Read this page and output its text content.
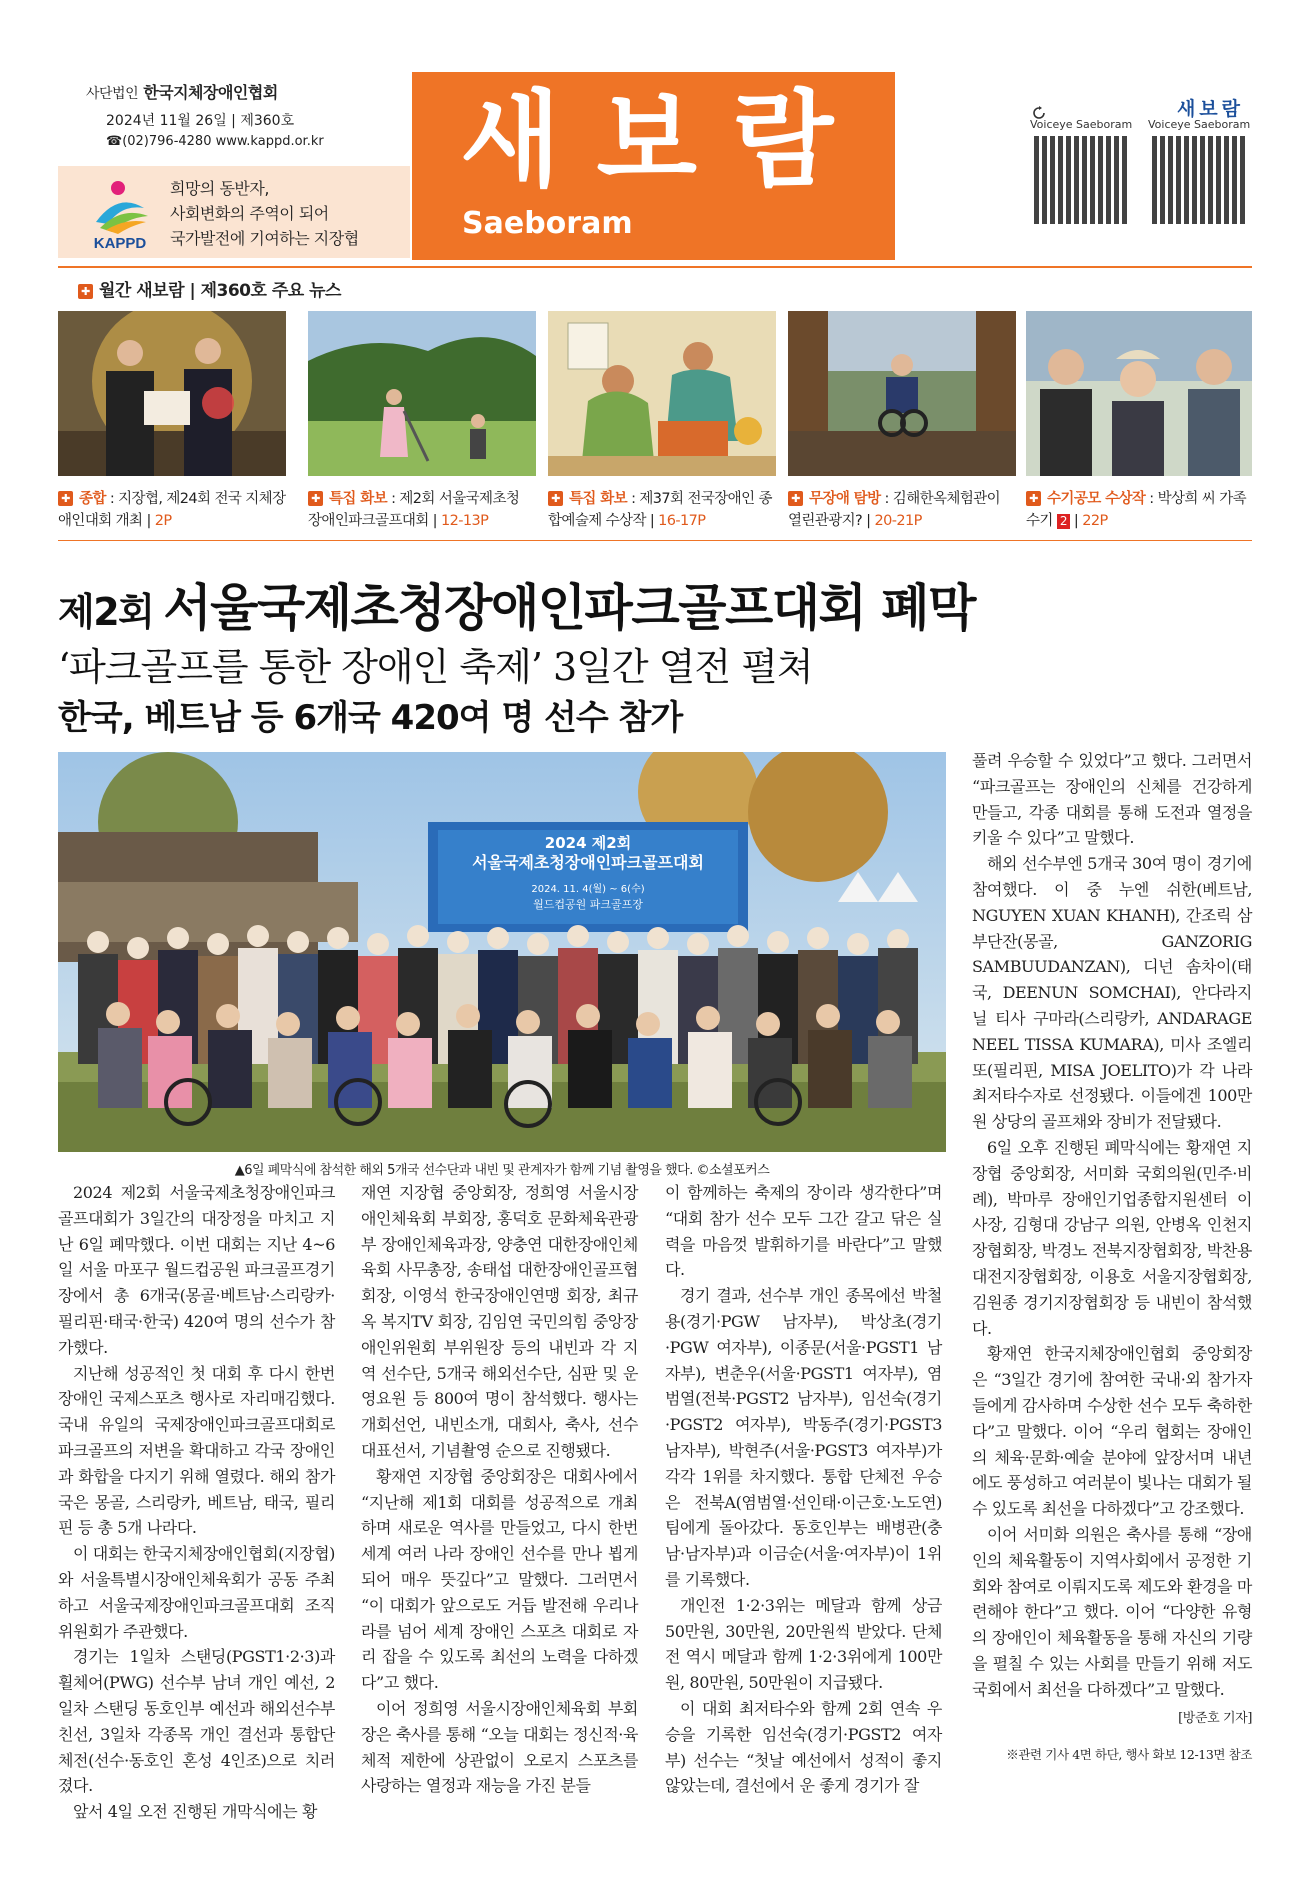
사단법인 한국지체장애인협회
2024년 11월 26일 | 제360호
☎(02)796-4280 www.kappd.or.kr
KAPPD
희망의 동반자,
사회변화의 주역이 되어
국가발전에 기여하는 지장협
새보람
Saeboram
새보람
Voiceye Saeboram Voiceye Saeboram
✚ 월간 새보람 | 제360호 주요 뉴스
✚ 종합 : 지장협, 제24회 전국 지체장애인대회 개최 | 2P
✚ 특집 화보 : 제2회 서울국제초청 장애인파크골프대회 | 12-13P
✚ 특집 화보 : 제37회 전국장애인 종합예술제 수상작 | 16-17P
✚ 무장애 탐방 : 김해한옥체험관이 열린관광지? | 20-21P
✚ 수기공모 수상작 : 박상희 씨 가족 수기 2 | 22P
제2회 서울국제초청장애인파크골프대회 폐막
‘파크골프를 통한 장애인 축제’ 3일간 열전 펼쳐
한국, 베트남 등 6개국 420여 명 선수 참가
2024 제2회
서울국제초청장애인파크골프대회
2024. 11. 4(월) ~ 6(수)
월드컵공원 파크골프장
▲6일 폐막식에 참석한 해외 5개국 선수단과 내빈 및 관계자가 함께 기념 촬영을 했다. ©소셜포커스

2024 제2회 서울국제초청장애인파크골프대회가 3일간의 대장정을 마치고 지난 6일 폐막했다. 이번 대회는 지난 4~6일 서울 마포구 월드컵공원 파크골프경기장에서 총 6개국(몽골·베트남·스리랑카·필리핀·태국·한국) 420여 명의 선수가 참가했다.

지난해 성공적인 첫 대회 후 다시 한번 장애인 국제스포츠 행사로 자리매김했다. 국내 유일의 국제장애인파크골프대회로 파크골프의 저변을 확대하고 각국 장애인과 화합을 다지기 위해 열렸다. 해외 참가국은 몽골, 스리랑카, 베트남, 태국, 필리핀 등 총 5개 나라다.

이 대회는 한국지체장애인협회(지장협)와 서울특별시장애인체육회가 공동 주최하고 서울국제장애인파크골프대회 조직위원회가 주관했다.

경기는 1일차 스탠딩(PGST1·2·3)과 휠체어(PWG) 선수부 남녀 개인 예선, 2일차 스탠딩 동호인부 예선과 해외선수부 친선, 3일차 각종목 개인 결선과 통합단체전(선수·동호인 혼성 4인조)으로 치러졌다.

앞서 4일 오전 진행된 개막식에는 황

재연 지장협 중앙회장, 정희영 서울시장애인체육회 부회장, 홍덕호 문화체육관광부 장애인체육과장, 양충연 대한장애인체육회 사무총장, 송태섭 대한장애인골프협회장, 이영석 한국장애인연맹 회장, 최규옥 복지TV 회장, 김임연 국민의힘 중앙장애인위원회 부위원장 등의 내빈과 각 지역 선수단, 5개국 해외선수단, 심판 및 운영요원 등 800여 명이 참석했다. 행사는 개회선언, 내빈소개, 대회사, 축사, 선수 대표선서, 기념촬영 순으로 진행됐다.

황재연 지장협 중앙회장은 대회사에서 “지난해 제1회 대회를 성공적으로 개최하며 새로운 역사를 만들었고, 다시 한번 세계 여러 나라 장애인 선수를 만나 뵙게 되어 매우 뜻깊다”고 말했다. 그러면서 “이 대회가 앞으로도 거듭 발전해 우리나라를 넘어 세계 장애인 스포츠 대회로 자리 잡을 수 있도록 최선의 노력을 다하겠다”고 했다.

이어 정희영 서울시장애인체육회 부회장은 축사를 통해 “오늘 대회는 정신적·육체적 제한에 상관없이 오로지 스포츠를 사랑하는 열정과 재능을 가진 분들

이 함께하는 축제의 장이라 생각한다”며 “대회 참가 선수 모두 그간 갈고 닦은 실력을 마음껏 발휘하기를 바란다”고 말했다.

경기 결과, 선수부 개인 종목에선 박철용(경기·PGW 남자부), 박상초(경기·PGW 여자부), 이종문(서울·PGST1 남자부), 변춘우(서울·PGST1 여자부), 염범열(전북·PGST2 남자부), 임선숙(경기·PGST2 여자부), 박동주(경기·PGST3 남자부), 박현주(서울·PGST3 여자부)가 각각 1위를 차지했다. 통합 단체전 우승은 전북A(염범열·선인태·이근호·노도연)팀에게 돌아갔다. 동호인부는 배병관(충남·남자부)과 이금순(서울·여자부)이 1위를 기록했다.

개인전 1·2·3위는 메달과 함께 상금 50만원, 30만원, 20만원씩 받았다. 단체전 역시 메달과 함께 1·2·3위에게 100만원, 80만원, 50만원이 지급됐다.

이 대회 최저타수와 함께 2회 연속 우승을 기록한 임선숙(경기·PGST2 여자부) 선수는 “첫날 예선에서 성적이 좋지 않았는데, 결선에서 운 좋게 경기가 잘

풀려 우승할 수 있었다”고 했다. 그러면서 “파크골프는 장애인의 신체를 건강하게 만들고, 각종 대회를 통해 도전과 열정을 키울 수 있다”고 말했다.

해외 선수부엔 5개국 30여 명이 경기에 참여했다. 이 중 누엔 쉬한(베트남, NGUYEN XUAN KHANH), 간조릭 삼부단잔(몽골, GANZORIG SAMBUUDANZAN), 디넌 솜차이(태국, DEENUN SOMCHAI), 안다라지 닐 티사 구마라(스리랑카, ANDARAGE NEEL TISSA KUMARA), 미사 조엘리또(필리핀, MISA JOELITO)가 각 나라 최저타수자로 선정됐다. 이들에겐 100만원 상당의 골프채와 장비가 전달됐다.

6일 오후 진행된 폐막식에는 황재연 지장협 중앙회장, 서미화 국회의원(민주·비례), 박마루 장애인기업종합지원센터 이사장, 김형대 강남구 의원, 안병옥 인천지장협회장, 박경노 전북지장협회장, 박찬용 대전지장협회장, 이용호 서울지장협회장, 김원종 경기지장협회장 등 내빈이 참석했다.

황재연 한국지체장애인협회 중앙회장은 “3일간 경기에 참여한 국내·외 참가자들에게 감사하며 수상한 선수 모두 축하한다”고 말했다. 이어 “우리 협회는 장애인의 체육·문화·예술 분야에 앞장서며 내년에도 풍성하고 여러분이 빛나는 대회가 될 수 있도록 최선을 다하겠다”고 강조했다.

이어 서미화 의원은 축사를 통해 “장애인의 체육활동이 지역사회에서 공정한 기회와 참여로 이뤄지도록 제도와 환경을 마련해야 한다”고 했다. 이어 “다양한 유형의 장애인이 체육활동을 통해 자신의 기량을 펼칠 수 있는 사회를 만들기 위해 저도 국회에서 최선을 다하겠다”고 말했다.

[방준호 기자]
※관련 기사 4면 하단, 행사 화보 12-13면 참조
